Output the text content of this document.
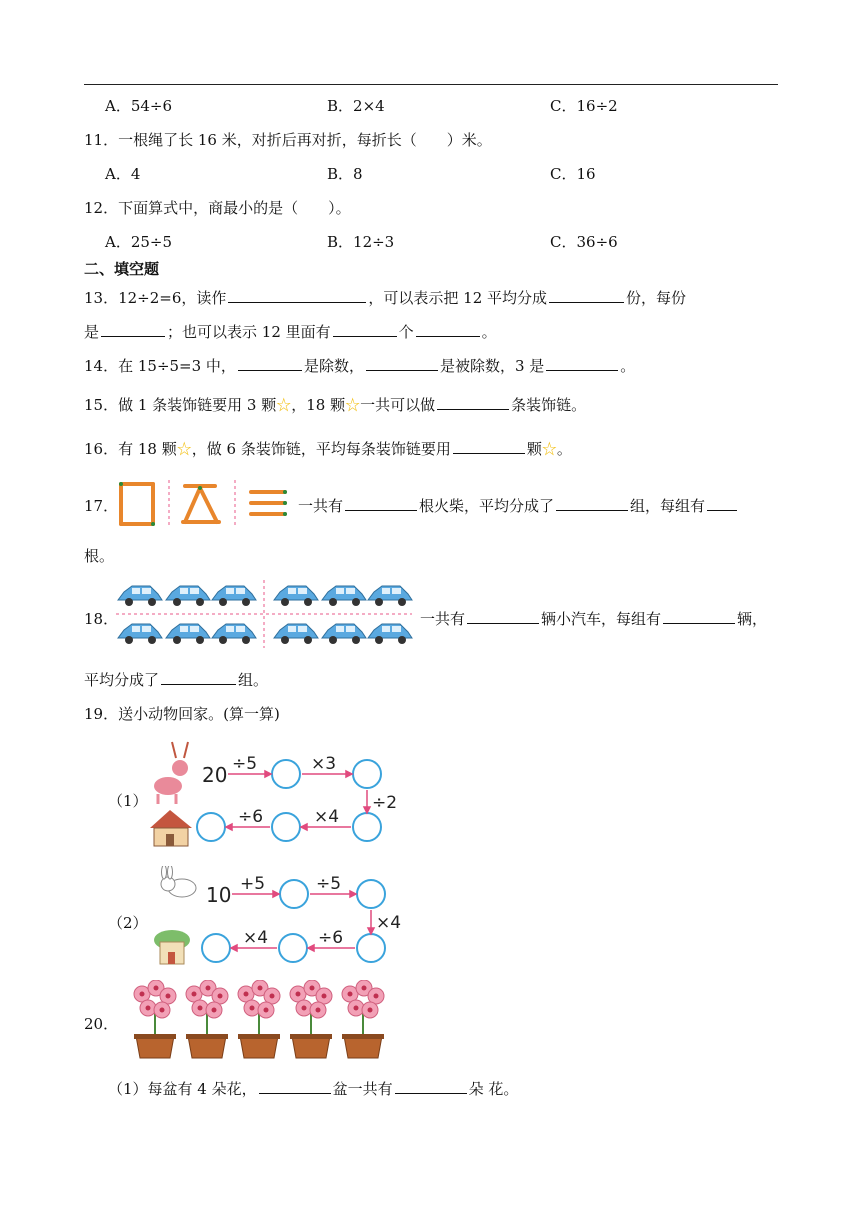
A．54÷6	B．2×4	C．16÷2
11．一根绳了长 16 米，对折后再对折，每折长（　　）米。
A．4	B．8	C．16
12．下面算式中，商最小的是（　　）。
A．25÷5	B．12÷3	C．36÷6
二、填空题
13．12÷2=6，读作	，可以表示把 12 平均分成	份，每份
是	；也可以表示 12 里面有	个	。
14．在 15÷5=3 中，	是除数，	是被除数，3 是	。
15．做 1 条装饰链要用 3 颗☆，18 颗☆一共可以做	条装饰链。
16．有 18 颗☆，做 6 条装饰链，平均每条装饰链要用	颗☆。
17．	一共有	根火柴，平均分成了	组，每组有
根。
18．	一共有	辆小汽车，每组有	辆，
平均分成了	组。
19．送小动物回家。(算一算)
（1）
20 ÷5	×3
÷2
×4
÷6
（2）
10 +5	÷5
×4
÷6
×4
20．
（1）每盆有 4 朵花，	盆一共有	朵 花。
